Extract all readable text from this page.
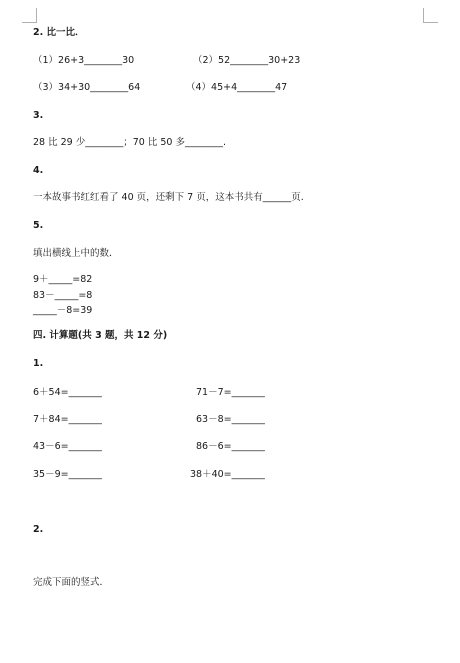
2. 比一比．
（1）26+3________30	（2）52________30+23
（3）34+30________64	（4）45+4________47
3.
28 比 29 少________；70 比 50 多________.
4.
一本故事书红红看了 40 页，还剩下 7 页，这本书共有______页.
5.
填出横线上中的数．
9＋_____=82
83－_____=8
_____－8=39
四. 计算题(共 3 题，共 12 分)
1.
6＋54=_______	71－7=_______
7＋84=_______	63－8=_______
43－6=_______	86－6=_______
35－9=_______	38＋40=_______
2.
完成下面的竖式．
